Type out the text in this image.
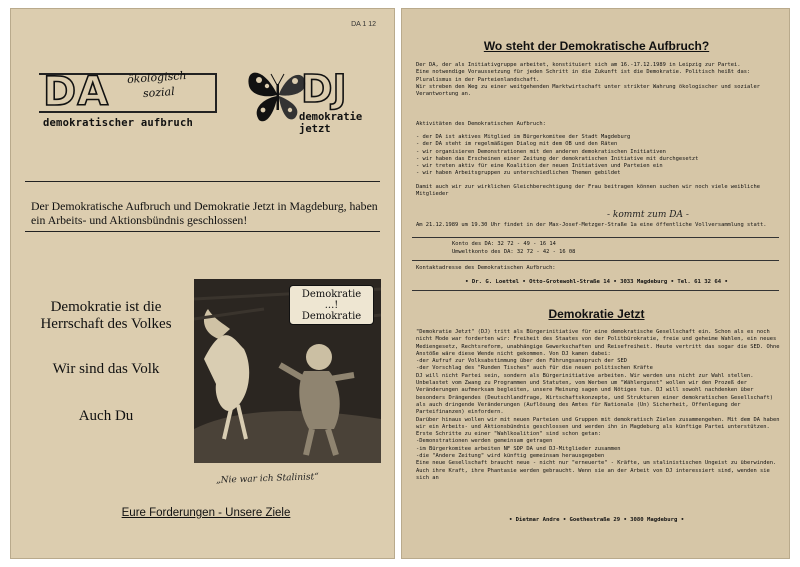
DA 1 12
DA ökologisch
sozial
demokratischer aufbruch
DJ
demokratie
jetzt
Der Demokratische Aufbruch und Demokratie Jetzt in Magdeburg, haben ein Arbeits- und Aktionsbündnis geschlossen!
Demokratie ist die Herrschaft des Volkes
Wir sind das Volk
Auch Du
Demokratie
...!
Demokratie
„Nie war ich Stalinist“
Eure Forderungen - Unsere Ziele
Wo steht der Demokratische Aufbruch?
Der DA, der als Initiativgruppe arbeitet, konstituiert sich am 16.-17.12.1989 in Leipzig zur Partei.
Eine notwendige Voraussetzung für jeden Schritt in die Zukunft ist die Demokratie. Politisch heißt das: Pluralismus in der Parteienlandschaft.
Wir streben den Weg zu einer weitgehenden Marktwirtschaft unter strikter Wahrung ökologischer und sozialer Verantwortung an.
Aktivitäten des Demokratischen Aufbruch:
- der DA ist aktives Mitglied im Bürgerkomitee der Stadt Magdeburg
- der DA steht im regelmäßigen Dialog mit dem OB und den Räten
- wir organisieren Demonstrationen mit den anderen demokratischen Initiativen
- wir haben das Erscheinen einer Zeitung der demokratischen Initiative mit durchgesetzt
- wir treten aktiv für eine Koalition der neuen Initiativen und Parteien ein
- wir haben Arbeitsgruppen zu unterschiedlichen Themen gebildet
Damit auch wir zur wirklichen Gleichberechtigung der Frau beitragen können suchen wir noch viele weibliche Mitglieder
- kommt zum DA -
Am 21.12.1989 um 19.30 Uhr findet in der Max-Josef-Metzger-Straße 1a eine öffentliche Vollversammlung statt.
Konto des DA: 32 72 - 49 - 16 14
Umweltkonto des DA: 32 72 - 42 - 16 08
Kontaktadresse des Demokratischen Aufbruch:
• Dr. G. Loettel • Otto-Grotewohl-Straße 14 • 3033 Magdeburg • Tel. 61 32 64 •
Demokratie Jetzt
"Demokratie Jetzt" (DJ) tritt als Bürgerinitiative für eine demokratische Gesellschaft ein. Schon als es noch nicht Mode war forderten wir: Freiheit des Staates von der Politbürokratie, freie und geheime Wahlen, ein neues Mediengesetz, Rechtsreform, unabhängige Gewerkschaften und Reisefreiheit. Heute vertritt das sogar die SED. Ohne Anstöße wäre diese Wende nicht gekommen. Von DJ kamen dabei:
-der Aufruf zur Volksabstimmung über den Führungsanspruch der SED
-der Vorschlag des "Runden Tisches" auch für die neuen politischen Kräfte
DJ will nicht Partei sein, sondern als Bürgerinitiative arbeiten. Wir werden uns nicht zur Wahl stellen. Unbelastet vom Zwang zu Programmen und Statuten, vom Werben um "Wählergunst" wollen wir den Prozeß der Veränderungen aufmerksam begleiten, unsere Meinung sagen und Nötiges tun. DJ will sowohl nachdenken über besonders Drängendes (Deutschlandfrage, Wirtschaftskonzepte, und Strukturen einer demokratischen Gesellschaft) als auch dringende Veränderungen (Auflösung des Amtes für Nationale (Un) Sicherheit, Offenlegung der Parteifinanzen) einfordern.
Darüber hinaus wollen wir mit neuen Parteien und Gruppen mit demokratisch Zielen zusammengehen. Mit dem DA haben wir ein Arbeits- und Aktionsbündnis geschlossen und werden ihn in Magdeburg als künftige Partei unterstützen. Erste Schritte zu einer "Wahlkoalition" sind schon getan:
-Demonstrationen werden gemeinsam getragen
-im Bürgerkomitee arbeiten NF SDP DA und DJ-Mitglieder zusammen
-die "Andere Zeitung" wird künftig gemeinsam herausgegeben
Eine neue Gesellschaft braucht neue - nicht nur "erneuerte" - Kräfte, um stalinistischen Ungeist zu überwinden. Auch ihre Kraft, ihre Phantasie werden gebraucht. Wenn sie an der Arbeit von DJ interessiert sind, wenden sie sich an
• Dietmar Andre • Goethestraße 29 • 3080 Magdeburg •
